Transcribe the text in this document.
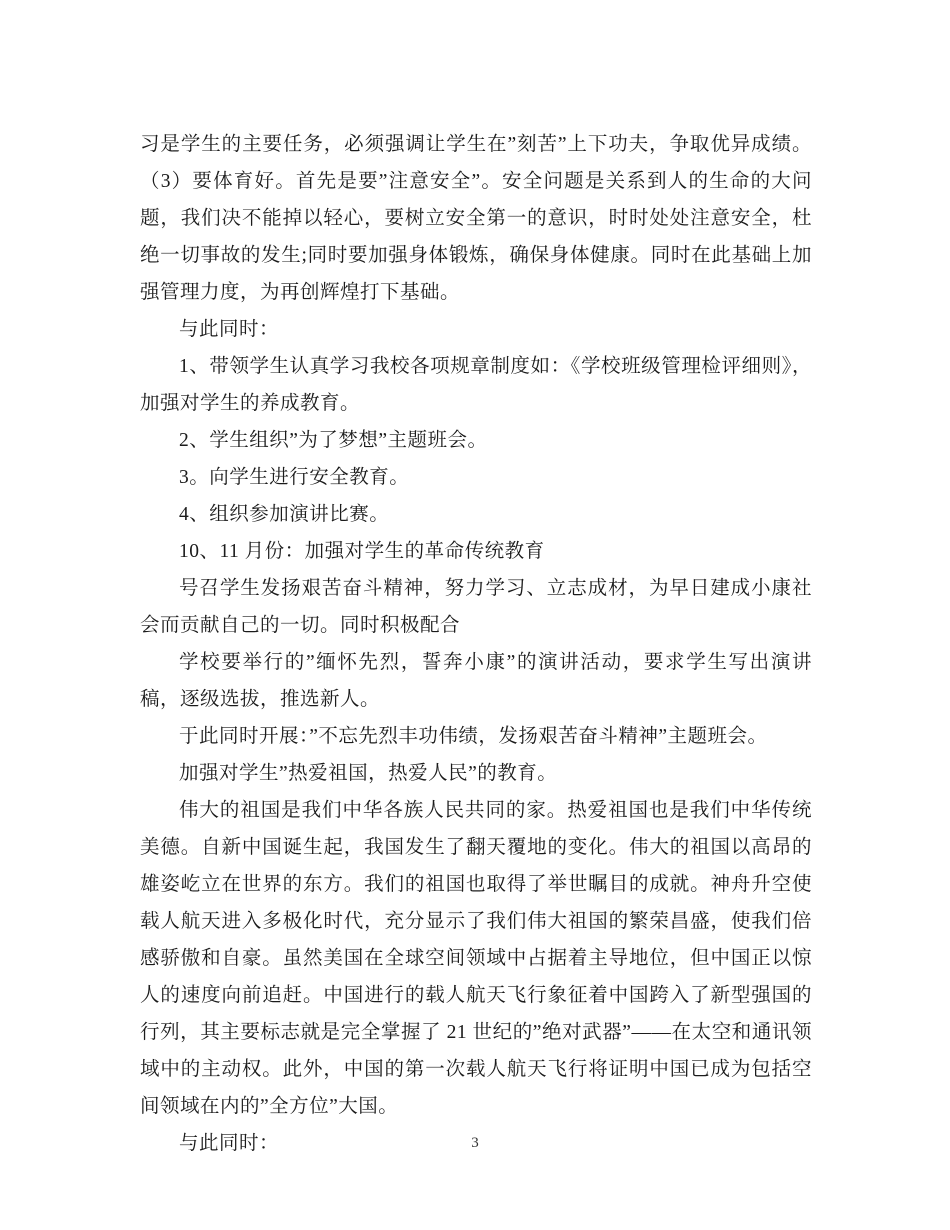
习是学生的主要任务，必须强调让学生在”刻苦”上下功夫，争取优异成绩。（3）要体育好。首先是要”注意安全”。安全问题是关系到人的生命的大问题，我们决不能掉以轻心，要树立安全第一的意识，时时处处注意安全，杜绝一切事故的发生;同时要加强身体锻炼，确保身体健康。同时在此基础上加强管理力度，为再创辉煌打下基础。

与此同时：

1、带领学生认真学习我校各项规章制度如：《学校班级管理检评细则》，加强对学生的养成教育。

2、学生组织”为了梦想”主题班会。

3。向学生进行安全教育。

4、组织参加演讲比赛。

10、11 月份：加强对学生的革命传统教育

号召学生发扬艰苦奋斗精神，努力学习、立志成材，为早日建成小康社会而贡献自己的一切。同时积极配合

学校要举行的”缅怀先烈，誓奔小康”的演讲活动，要求学生写出演讲稿，逐级选拔，推选新人。

于此同时开展：”不忘先烈丰功伟绩，发扬艰苦奋斗精神”主题班会。

加强对学生”热爱祖国，热爱人民”的教育。

伟大的祖国是我们中华各族人民共同的家。热爱祖国也是我们中华传统美德。自新中国诞生起，我国发生了翻天覆地的变化。伟大的祖国以高昂的雄姿屹立在世界的东方。我们的祖国也取得了举世瞩目的成就。神舟升空使载人航天进入多极化时代，充分显示了我们伟大祖国的繁荣昌盛，使我们倍感骄傲和自豪。虽然美国在全球空间领域中占据着主导地位，但中国正以惊人的速度向前追赶。中国进行的载人航天飞行象征着中国跨入了新型强国的行列，其主要标志就是完全掌握了 21 世纪的”绝对武器”——在太空和通讯领域中的主动权。此外，中国的第一次载人航天飞行将证明中国已成为包括空间领域在内的”全方位”大国。

与此同时：	3
